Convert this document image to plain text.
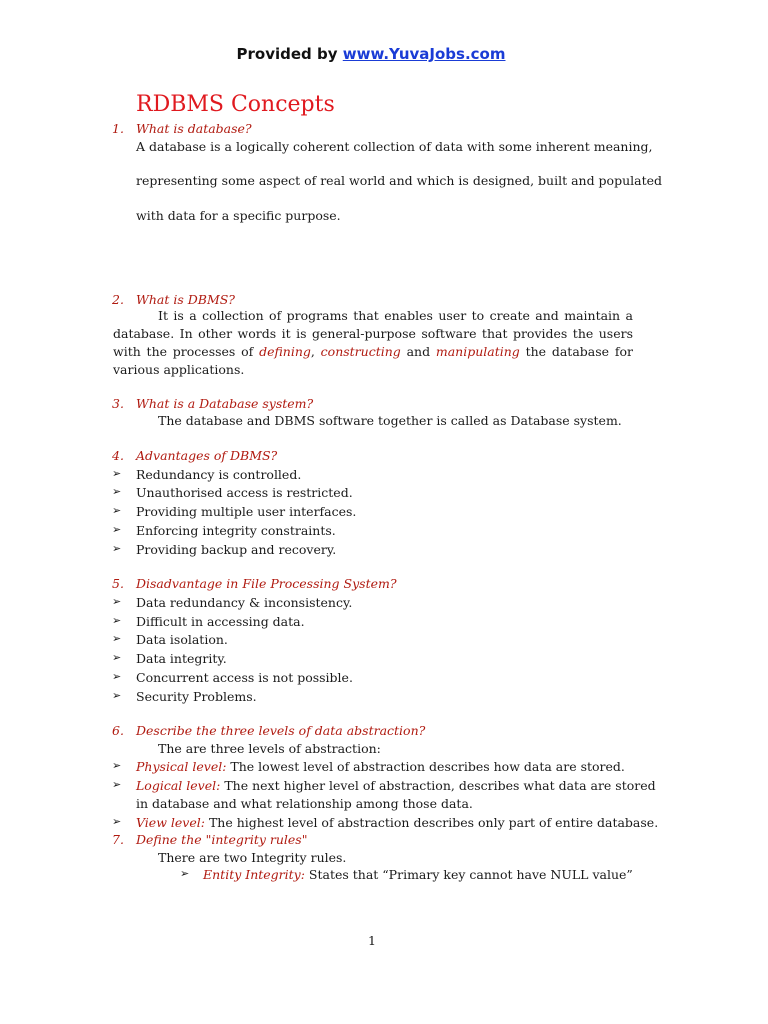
Provided by www.YuvaJobs.com
RDBMS Concepts
1. What is database?
A database is a logically coherent collection of data with some inherent meaning,
representing some aspect of real world and which is designed, built and populated
with data for a specific purpose.
2. What is DBMS?
It is a collection of programs that enables user to create and maintain a database. In other words it is general-purpose software that provides the users with the processes of defining, constructing and manipulating the database for various applications.
3. What is a Database system?
The database and DBMS software together is called as Database system.
4. Advantages of DBMS?
➢ Redundancy is controlled.
➢ Unauthorised access is restricted.
➢ Providing multiple user interfaces.
➢ Enforcing integrity constraints.
➢ Providing backup and recovery.
5. Disadvantage in File Processing System?
➢ Data redundancy & inconsistency.
➢ Difficult in accessing data.
➢ Data isolation.
➢ Data integrity.
➢ Concurrent access is not possible.
➢ Security Problems.
6. Describe the three levels of data abstraction?
The are three levels of abstraction:
➢ Physical level: The lowest level of abstraction describes how data are stored.
➢ Logical level: The next higher level of abstraction, describes what data are stored
in database and what relationship among those data.
➢ View level: The highest level of abstraction describes only part of entire database.
7. Define the "integrity rules"
There are two Integrity rules.
➢ Entity Integrity: States that “Primary key cannot have NULL value”
1
